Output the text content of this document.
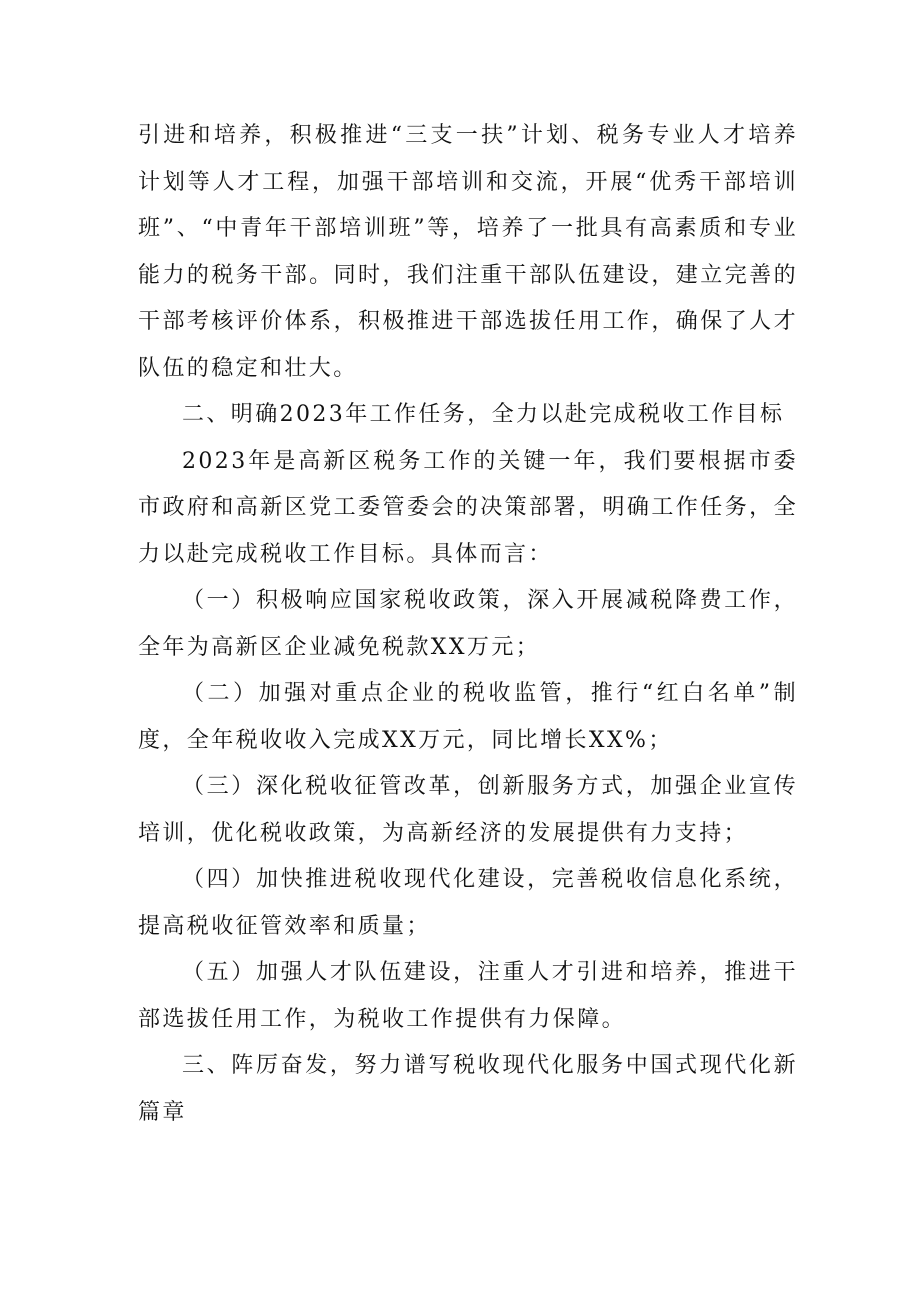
引进和培养，积极推进“三支一扶”计划、税务专业人才培养计划等人才工程，加强干部培训和交流，开展“优秀干部培训班”、“中青年干部培训班”等，培养了一批具有高素质和专业能力的税务干部。同时，我们注重干部队伍建设，建立完善的干部考核评价体系，积极推进干部选拔任用工作，确保了人才队伍的稳定和壮大。

二、明确2023年工作任务，全力以赴完成税收工作目标

2023年是高新区税务工作的关键一年，我们要根据市委市政府和高新区党工委管委会的决策部署，明确工作任务，全力以赴完成税收工作目标。具体而言：

（一）积极响应国家税收政策，深入开展减税降费工作，全年为高新区企业减免税款XX万元；

（二）加强对重点企业的税收监管，推行“红白名单”制度，全年税收收入完成XX万元，同比增长XX%；

（三）深化税收征管改革，创新服务方式，加强企业宣传培训，优化税收政策，为高新经济的发展提供有力支持；

（四）加快推进税收现代化建设，完善税收信息化系统，提高税收征管效率和质量；

（五）加强人才队伍建设，注重人才引进和培养，推进干部选拔任用工作，为税收工作提供有力保障。

三、阵厉奋发，努力谱写税收现代化服务中国式现代化新篇章
